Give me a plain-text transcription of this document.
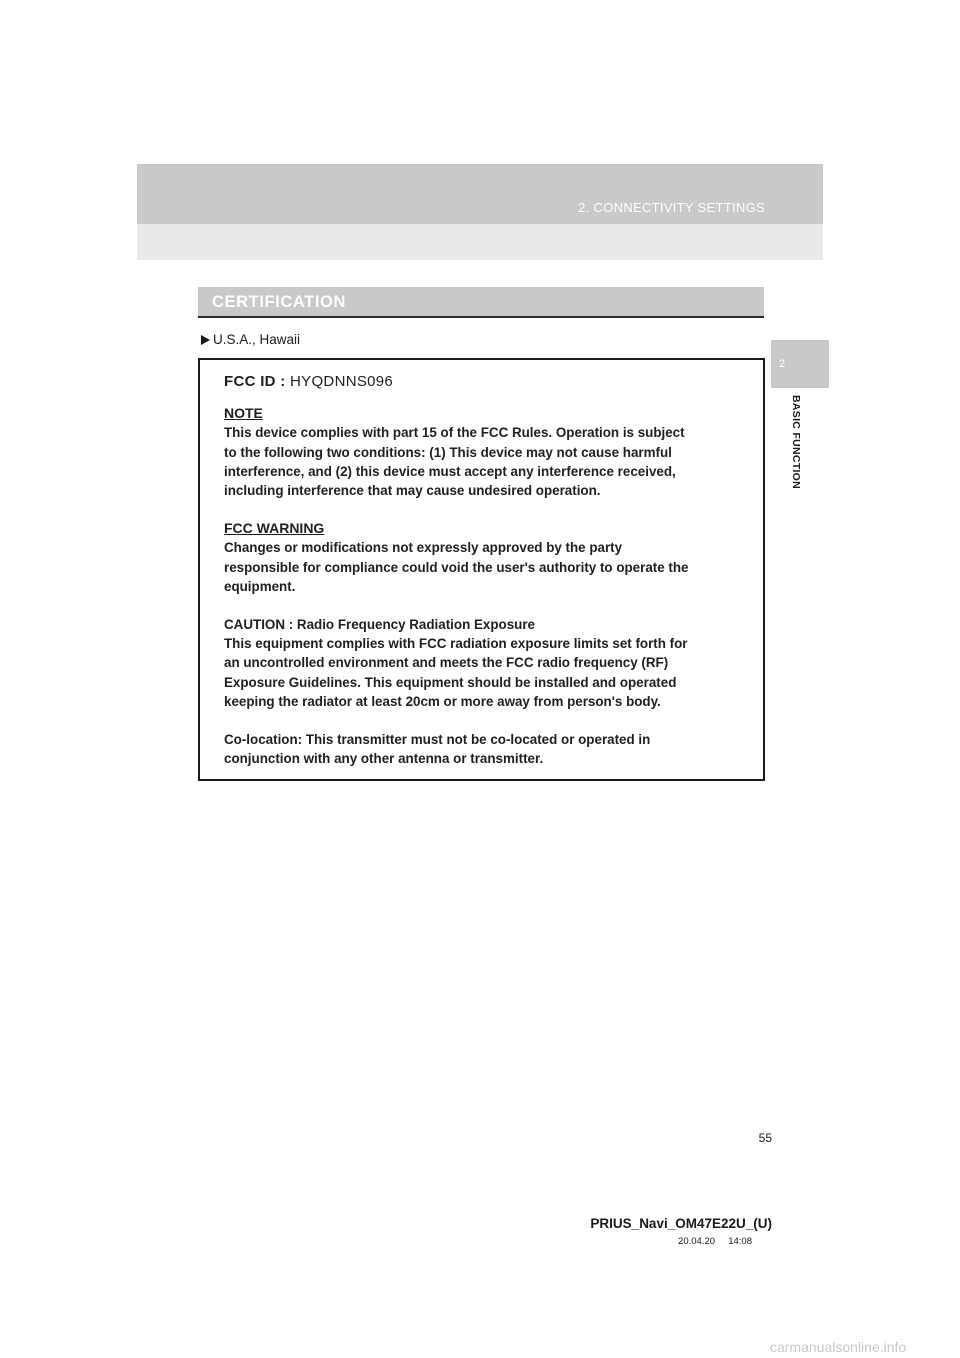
2. CONNECTIVITY SETTINGS
2
BASIC FUNCTION
CERTIFICATION
U.S.A., Hawaii
FCC ID : HYQDNNS096
NOTE
This device complies with part 15 of the FCC Rules. Operation is subject
to the following two conditions: (1) This device may not cause harmful
interference, and (2) this device must accept any interference received,
including interference that may cause undesired operation.
FCC WARNING
Changes or modifications not expressly approved by the party
responsible for compliance could void the user's authority to operate the
equipment.
CAUTION : Radio Frequency Radiation Exposure
This equipment complies with FCC radiation exposure limits set forth for
an uncontrolled environment and meets the FCC radio frequency (RF)
Exposure Guidelines. This equipment should be installed and operated
keeping the radiator at least 20cm or more away from person's body.
Co-location: This transmitter must not be co-located or operated in
conjunction with any other antenna or transmitter.
55
PRIUS_Navi_OM47E22U_(U)
20.04.20 14:08
carmanualsonline.info
